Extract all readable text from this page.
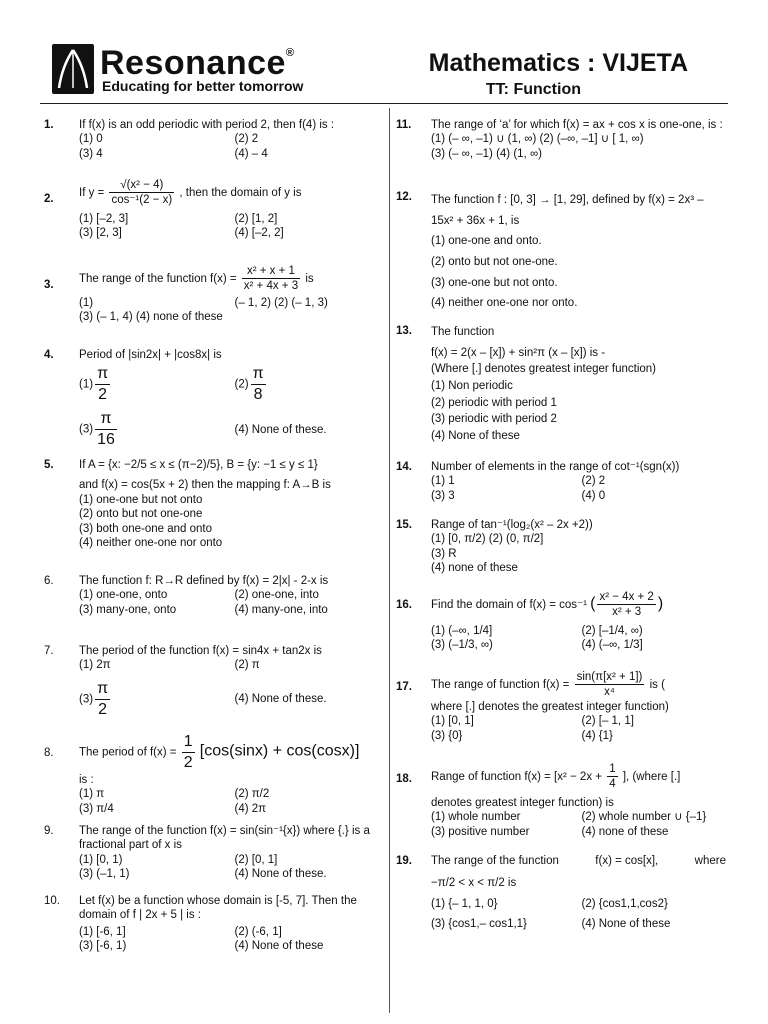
Resonance®
Educating for better tomorrow
Mathematics : VIJETA
TT: Function
1.	If f(x) is an odd periodic with period 2, then f(4) is :
(1) 0	(2) 2
(3) 4	(4) – 4
2.
If $y = \frac{\text{√(x² − 4)}}{\text{cos⁻¹(2 − x)}}$ , then the domain of y is
(1) [–2, 3]	(2) [1, 2]
(3) [2, 3]	(4) [–2, 2]
3.
The range of the function $f(x) = \frac{\text{x² + x + 1}}{\text{x² + 4x + 3}}$ is
(1)	(– 1, 2) (2) (– 1, 3)
(3) (– 1, 4) (4) none of these
4.	Period of |sin2x| + |cos8x| is
$(1) \frac{\pi}{2}$	$(2) \frac{\pi}{8}$
$(3) \frac{\pi}{16}$	(4) None of these.
5.	If A = {x: −2/5 ≤ x ≤ (π−2)/5}, B = {y: −1 ≤ y ≤ 1}
and f(x) = cos(5x + 2) then the mapping f: A→B is
(1) one-one but not onto
(2) onto but not one-one
(3) both one-one and onto
(4) neither one-one nor onto
6.	The function f: R→R defined by f(x) = 2|x| - 2-x is
(1) one-one, onto	(2) one-one, into
(3) many-one, onto	(4) many-one, into
7.	The period of the function f(x) = sin4x + tan2x is
(1) 2π	(2) π
$(3) \frac{\pi}{2}$	(4) None of these.
8.	The period of $f(x) = \frac{1}{2} [\cos(\sin x) + \cos(\cos x)]$
is :
(1) π	(2) π/2
(3) π/4	(4) 2π
9.	The range of the function f(x) = sin(sin⁻¹{x}) where {.} is a fractional part of x is
(1) [0, 1)	(2) [0, 1]
(3) (–1, 1)	(4) None of these.
10.	Let f(x) be a function whose domain is [-5, 7]. Then the domain of f | 2x + 5 | is :
(1) [-6, 1]	(2) (-6, 1]
(3) [-6, 1)	(4) None of these
11.	The range of ‘a’ for which f(x) = ax + cos x is one-one, is :
(1) (– ∞, –1) ∪ (1, ∞) (2) (–∞, –1] ∪ [ 1, ∞)
(3) (– ∞, –1) (4) (1, ∞)
12.	The function f : [0, 3] → [1, 29], defined by f(x) = 2x³ – 15x² + 36x + 1, is
(1) one-one and onto.
(2) onto but not one-one.
(3) one-one but not onto.
(4) neither one-one nor onto.
13.	The function
f(x) = 2(x – [x]) + sin²π (x – [x]) is -
(Where [.] denotes greatest integer function)
(1) Non periodic
(2) periodic with period 1
(3) periodic with period 2
(4) None of these
14.	Number of elements in the range of cot⁻¹(sgn(x))
(1) 1	(2) 2
(3) 3	(4) 0
15.	Range of tan⁻¹(log₂(x² – 2x +2))
(1) [0, π/2) (2) (0, π/2]
(3) R
(4) none of these
16.	Find the domain of f(x) = cos⁻¹ ( $\frac{\text{x² − 4x + 2}}{\text{x² + 3}}$ )
(1) (–∞, 1/4]	(2) [–1/4, ∞)
(3) (–1/3, ∞)	(4) (–∞, 1/3]
17.	The range of function $f(x) = \frac{\text{sin(π[x² + 1])}}{\text{x⁴}}$ is (
where [.] denotes the greatest integer function)
(1) [0, 1]	(2) [– 1, 1]
(3) {0}	(4) {1}
18.	Range of function $f(x) = [x^2 - 2x + \frac{1}{4}$ ], (where [.]
denotes greatest integer function) is
(1) whole number	(2) whole number ∪ {–1}
(3) positive number	(4) none of these
19.	The range of the function	f(x) = cos[x],	where
−π/2 < x < π/2 is
(1) {– 1, 1, 0}	(2) {cos1,1,cos2}
(3) {cos1,– cos1,1}	(4) None of these
